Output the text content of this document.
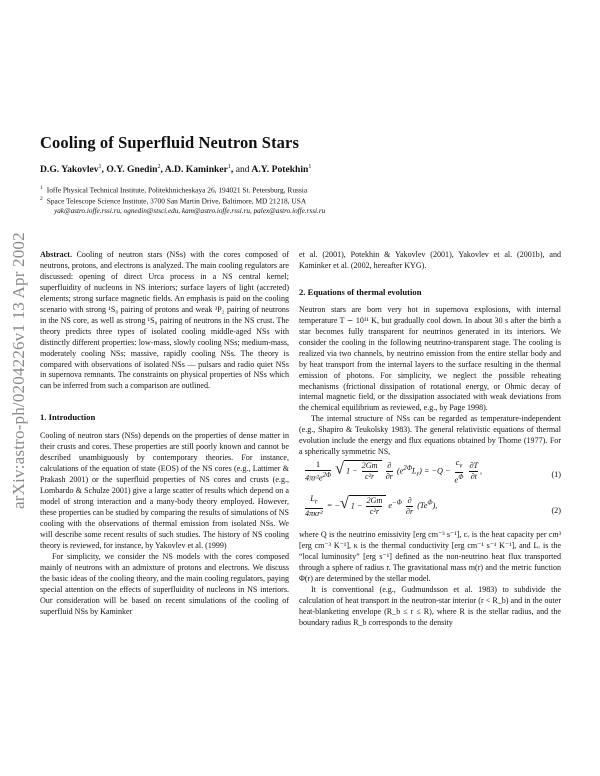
Cooling of Superfluid Neutron Stars
D.G. Yakovlev$^1$, O.Y. Gnedin$^2$, A.D. Kaminker$^1$, and A.Y. Potekhin$^1$
$^1$ Ioffe Physical Technical Institute, Politekhnicheskaya 26, 194021 St. Petersburg, Russia
$^2$ Space Telescope Science Institute, 3700 San Martin Drive, Baltimore, MD 21218, USA
yak@astro.ioffe.rssi.ru, ognedin@stsci.edu, kam@astro.ioffe.rssi.ru, palex@astro.ioffe.rssi.ru
arXiv:astro-ph/0204226v1 13 Apr 2002 Abstract. Cooling of neutron stars (NSs) with the cores composed of neutrons, protons, and electrons is analyzed. The main cooling regulators are discussed: opening of direct Urca process in a NS central kernel; superfluidity of nucleons in NS interiors; surface layers of light (accreted) elements; strong surface magnetic fields. An emphasis is paid on the cooling scenario with strong ¹S₀ pairing of protons and weak ³P₂ pairing of neutrons in the NS core, as well as strong ¹S₀ pairing of neutrons in the NS crust. The theory predicts three types of isolated cooling middle-aged NSs with distinctly different properties: low-mass, slowly cooling NSs; medium-mass, moderately cooling NSs; massive, rapidly cooling NSs. The theory is compared with observations of isolated NSs — pulsars and radio quiet NSs in supernova remnants. The constraints on physical properties of NSs which can be inferred from such a comparison are outlined.

1. Introduction

Cooling of neutron stars (NSs) depends on the properties of dense matter in their crusts and cores. These properties are still poorly known and cannot be described unambiguously by contemporary theories. For instance, calculations of the equation of state (EOS) of the NS cores (e.g., Lattimer & Prakash 2001) or the superfluid properties of NS cores and crusts (e.g., Lombardo & Schulze 2001) give a large scatter of results which depend on a model of strong interaction and a many-body theory employed. However, these properties can be studied by comparing the results of simulations of NS cooling with the observations of thermal emission from isolated NSs. We will describe some recent results of such studies. The history of NS cooling theory is reviewed, for instance, by Yakovlev et al. (1999)

For simplicity, we consider the NS models with the cores composed mainly of neutrons with an admixture of protons and electrons. We discuss the basic ideas of the cooling theory, and the main cooling regulators, paying special attention on the effects of superfluidity of nucleons in NS interiors. Our consideration will be based on recent simulations of the cooling of superfluid NSs by Kaminker

et al. (2001), Potekhin & Yakovlev (2001), Yakovlev et al. (2001b), and Kaminker et al. (2002, hereafter KYG).

2. Equations of thermal evolution

Neutron stars are born very hot in supernova explosions, with internal temperature T ∼ 10¹¹ K, but gradually cool down. In about 30 s after the birth a star becomes fully transparent for neutrinos generated in its interiors. We consider the cooling in the following neutrino-transparent stage. The cooling is realized via two channels, by neutrino emission from the entire stellar body and by heat transport from the internal layers to the surface resulting in the thermal emission of photons. For simplicity, we neglect the possible reheating mechanisms (frictional dissipation of rotational energy, or Ohmic decay of internal magnetic field, or the dissipation associated with weak deviations from the chemical equilibrium as reviewed, e.g., by Page 1998).

The internal structure of NSs can be regarded as temperature-independent (e.g., Shapiro & Teukolsky 1983). The general relativistic equations of thermal evolution include the energy and flux equations obtained by Thorne (1977). For a spherically symmetric NS,

$\frac{1}{4\pi r^2e^{2\Phi}}$ √ $1 - \frac{2Gm}{\text{c²r}}$
$\frac{\partial}{\partial r} (e^{2\Phi}L_r) = -Q - \frac{c_v}{e^\Phi}$
$\frac{\partial T}{\partial t}$ ,	(1)
$\frac{L_r}{\text{4πκr²}}$ = −√ $1 - \frac{2Gm}{\text{c²r}} e^{-\Phi} \frac{\partial}{\partial r} (Te^\Phi)$,
(2)

where Q is the neutrino emissivity [erg cm⁻³ s⁻¹], cᵥ is the heat capacity per cm³ [erg cm⁻³ K⁻¹], κ is the thermal conductivity [erg cm⁻¹ s⁻¹ K⁻¹], and Lᵣ is the “local luminosity” [erg s⁻¹] defined as the non-neutrino heat flux transported through a sphere of radius r. The gravitational mass m(r) and the metric function Φ(r) are determined by the stellar model.

It is conventional (e.g., Gudmundsson et al. 1983) to subdivide the calculation of heat transport in the neutron-star interior (r < R_b) and in the outer heat-blanketing envelope (R_b ≤ r ≤ R), where R is the stellar radius, and the boundary radius R_b corresponds to the density
